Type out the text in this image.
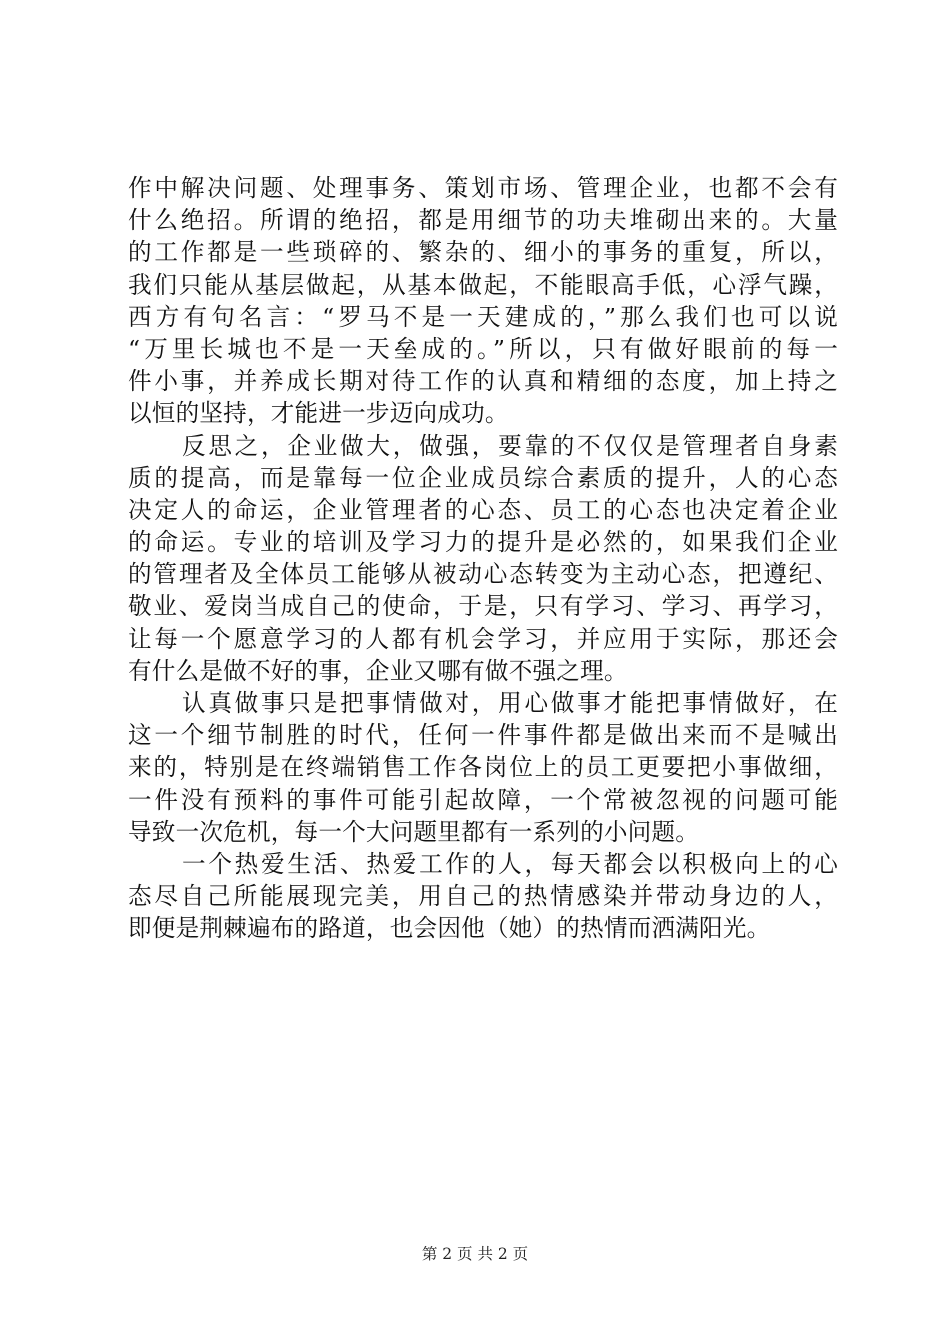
作中解决问题、处理事务、策划市场、管理企业，也都不会有
什么绝招。所谓的绝招，都是用细节的功夫堆砌出来的。大量
的工作都是一些琐碎的、繁杂的、细小的事务的重复，所以，
我们只能从基层做起，从基本做起，不能眼高手低，心浮气躁，
西方有句名言：“罗马不是一天建成的，”那么我们也可以说
“万里长城也不是一天垒成的。”所以，只有做好眼前的每一
件小事，并养成长期对待工作的认真和精细的态度，加上持之
以恒的坚持，才能进一步迈向成功。
反思之，企业做大，做强，要靠的不仅仅是管理者自身素
质的提高，而是靠每一位企业成员综合素质的提升，人的心态
决定人的命运，企业管理者的心态、员工的心态也决定着企业
的命运。专业的培训及学习力的提升是必然的，如果我们企业
的管理者及全体员工能够从被动心态转变为主动心态，把遵纪、
敬业、爱岗当成自己的使命，于是，只有学习、学习、再学习，
让每一个愿意学习的人都有机会学习，并应用于实际，那还会
有什么是做不好的事，企业又哪有做不强之理。
认真做事只是把事情做对，用心做事才能把事情做好，在
这一个细节制胜的时代，任何一件事件都是做出来而不是喊出
来的，特别是在终端销售工作各岗位上的员工更要把小事做细，
一件没有预料的事件可能引起故障，一个常被忽视的问题可能
导致一次危机，每一个大问题里都有一系列的小问题。
一个热爱生活、热爱工作的人，每天都会以积极向上的心
态尽自己所能展现完美，用自己的热情感染并带动身边的人，
即便是荆棘遍布的路道，也会因他（她）的热情而洒满阳光。
第 2 页 共 2 页
